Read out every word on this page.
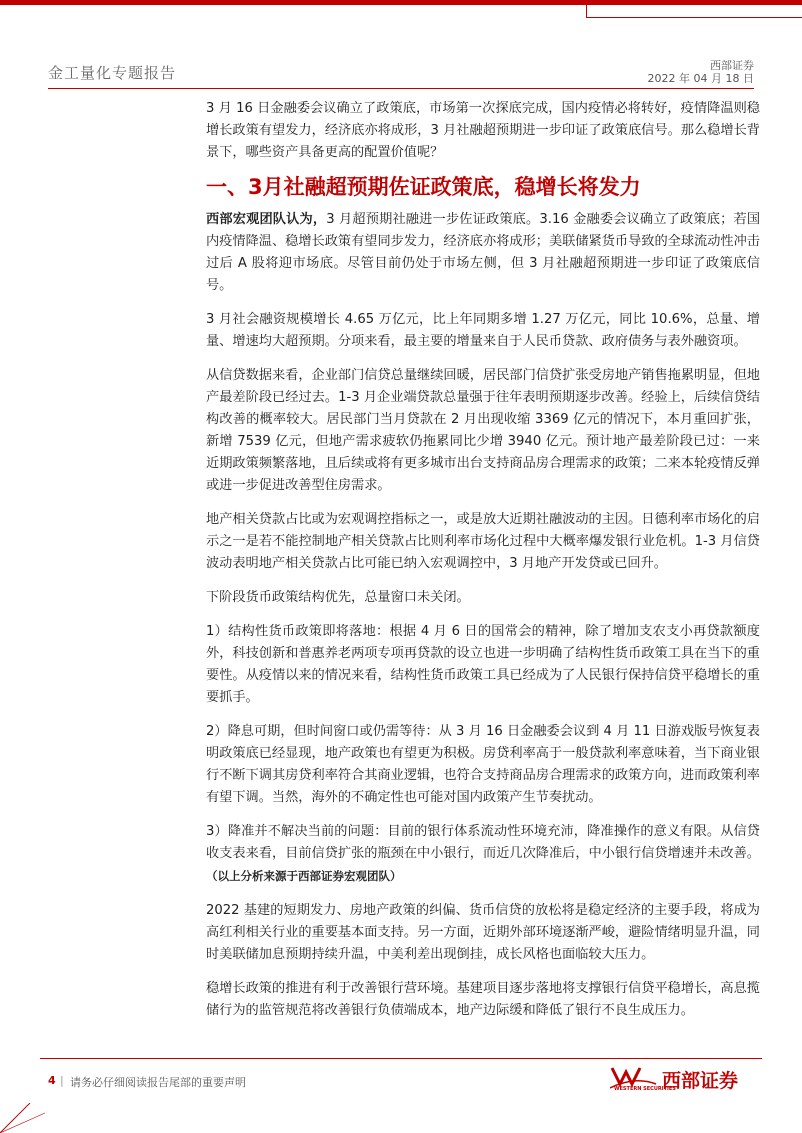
金工量化专题报告	西部证券
2022 年 04 月 18 日

3 月 16 日金融委会议确立了政策底，市场第一次探底完成，国内疫情必将转好，疫情降温则稳增长政策有望发力，经济底亦将成形，3 月社融超预期进一步印证了政策底信号。那么稳增长背景下，哪些资产具备更高的配置价值呢？

一、3月社融超预期佐证政策底，稳增长将发力

西部宏观团队认为，3 月超预期社融进一步佐证政策底。3.16 金融委会议确立了政策底；若国内疫情降温、稳增长政策有望同步发力，经济底亦将成形；美联储紧货币导致的全球流动性冲击过后 A 股将迎市场底。尽管目前仍处于市场左侧，但 3 月社融超预期进一步印证了政策底信号。

3 月社会融资规模增长 4.65 万亿元，比上年同期多增 1.27 万亿元，同比 10.6%，总量、增量、增速均大超预期。分项来看，最主要的增量来自于人民币贷款、政府债务与表外融资项。

从信贷数据来看，企业部门信贷总量继续回暖，居民部门信贷扩张受房地产销售拖累明显，但地产最差阶段已经过去。1-3 月企业端贷款总量强于往年表明预期逐步改善。经验上，后续信贷结构改善的概率较大。居民部门当月贷款在 2 月出现收缩 3369 亿元的情况下，本月重回扩张，新增 7539 亿元，但地产需求疲软仍拖累同比少增 3940 亿元。预计地产最差阶段已过：一来近期政策频繁落地，且后续或将有更多城市出台支持商品房合理需求的政策；二来本轮疫情反弹或进一步促进改善型住房需求。

地产相关贷款占比或为宏观调控指标之一，或是放大近期社融波动的主因。日德利率市场化的启示之一是若不能控制地产相关贷款占比则利率市场化过程中大概率爆发银行业危机。1-3 月信贷波动表明地产相关贷款占比可能已纳入宏观调控中，3 月地产开发贷或已回升。

下阶段货币政策结构优先，总量窗口未关闭。

1）结构性货币政策即将落地：根据 4 月 6 日的国常会的精神，除了增加支农支小再贷款额度外，科技创新和普惠养老两项专项再贷款的设立也进一步明确了结构性货币政策工具在当下的重要性。从疫情以来的情况来看，结构性货币政策工具已经成为了人民银行保持信贷平稳增长的重要抓手。

2）降息可期，但时间窗口或仍需等待：从 3 月 16 日金融委会议到 4 月 11 日游戏版号恢复表明政策底已经显现，地产政策也有望更为积极。房贷利率高于一般贷款利率意味着，当下商业银行不断下调其房贷利率符合其商业逻辑，也符合支持商品房合理需求的政策方向，进而政策利率有望下调。当然，海外的不确定性也可能对国内政策产生节奏扰动。

3）降准并不解决当前的问题：目前的银行体系流动性环境充沛，降准操作的意义有限。从信贷收支表来看，目前信贷扩张的瓶颈在中小银行，而近几次降准后，中小银行信贷增速并未改善。（以上分析来源于西部证券宏观团队）

2022 基建的短期发力、房地产政策的纠偏、货币信贷的放松将是稳定经济的主要手段，将成为高红利相关行业的重要基本面支持。另一方面，近期外部环境逐渐严峻，避险情绪明显升温，同时美联储加息预期持续升温，中美利差出现倒挂，成长风格也面临较大压力。

稳增长政策的推进有利于改善银行营环境。基建项目逐步落地将支撑银行信贷平稳增长，高息揽储行为的监管规范将改善银行负债端成本，地产边际缓和降低了银行不良生成压力。

4 | 请务必仔细阅读报告尾部的重要声明	WESTERN SECURITIES
西部证券
